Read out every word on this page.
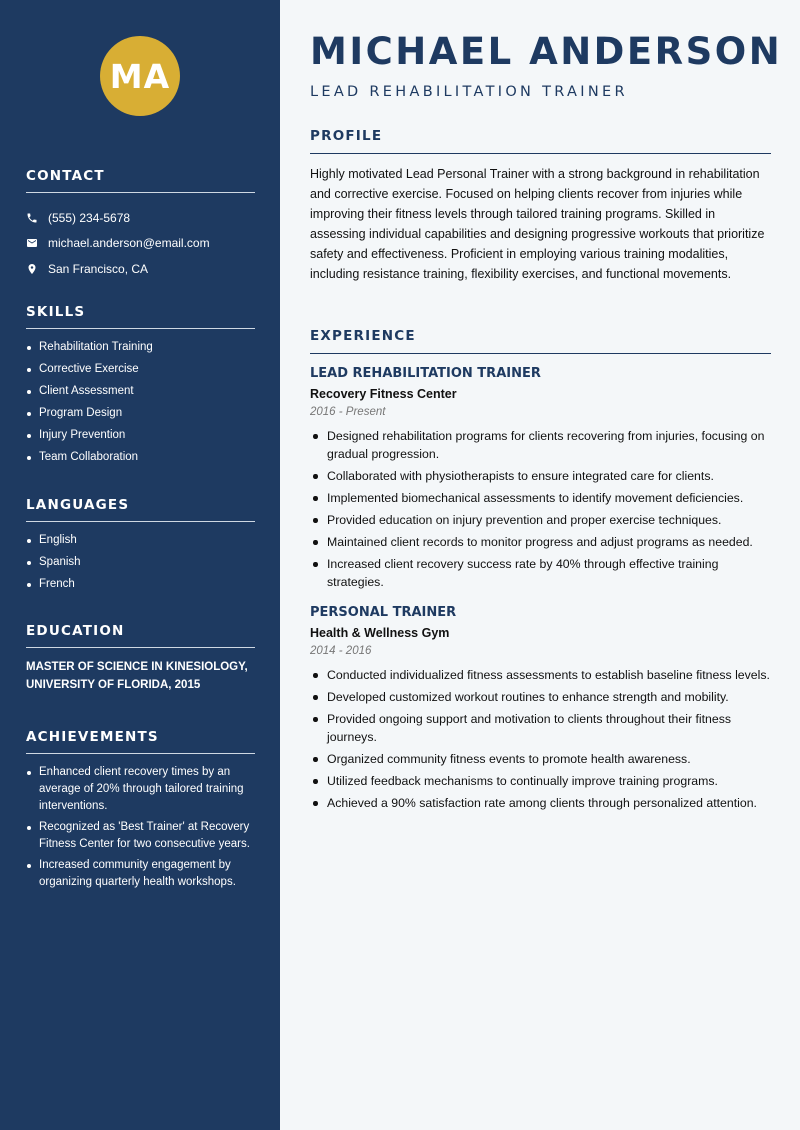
MA
CONTACT
(555) 234-5678
michael.anderson@email.com
San Francisco, CA
SKILLS
Rehabilitation Training
Corrective Exercise
Client Assessment
Program Design
Injury Prevention
Team Collaboration
LANGUAGES
English
Spanish
French
EDUCATION
MASTER OF SCIENCE IN KINESIOLOGY, UNIVERSITY OF FLORIDA, 2015
ACHIEVEMENTS
Enhanced client recovery times by an average of 20% through tailored training interventions.
Recognized as 'Best Trainer' at Recovery Fitness Center for two consecutive years.
Increased community engagement by organizing quarterly health workshops.
MICHAEL ANDERSON
LEAD REHABILITATION TRAINER
PROFILE

Highly motivated Lead Personal Trainer with a strong background in rehabilitation and corrective exercise. Focused on helping clients recover from injuries while improving their fitness levels through tailored training programs. Skilled in assessing individual capabilities and designing progressive workouts that prioritize safety and effectiveness. Proficient in employing various training modalities, including resistance training, flexibility exercises, and functional movements.

EXPERIENCE
LEAD REHABILITATION TRAINER
Recovery Fitness Center
2016 - Present
Designed rehabilitation programs for clients recovering from injuries, focusing on gradual progression.
Collaborated with physiotherapists to ensure integrated care for clients.
Implemented biomechanical assessments to identify movement deficiencies.
Provided education on injury prevention and proper exercise techniques.
Maintained client records to monitor progress and adjust programs as needed.
Increased client recovery success rate by 40% through effective training strategies.
PERSONAL TRAINER
Health & Wellness Gym
2014 - 2016
Conducted individualized fitness assessments to establish baseline fitness levels.
Developed customized workout routines to enhance strength and mobility.
Provided ongoing support and motivation to clients throughout their fitness journeys.
Organized community fitness events to promote health awareness.
Utilized feedback mechanisms to continually improve training programs.
Achieved a 90% satisfaction rate among clients through personalized attention.
